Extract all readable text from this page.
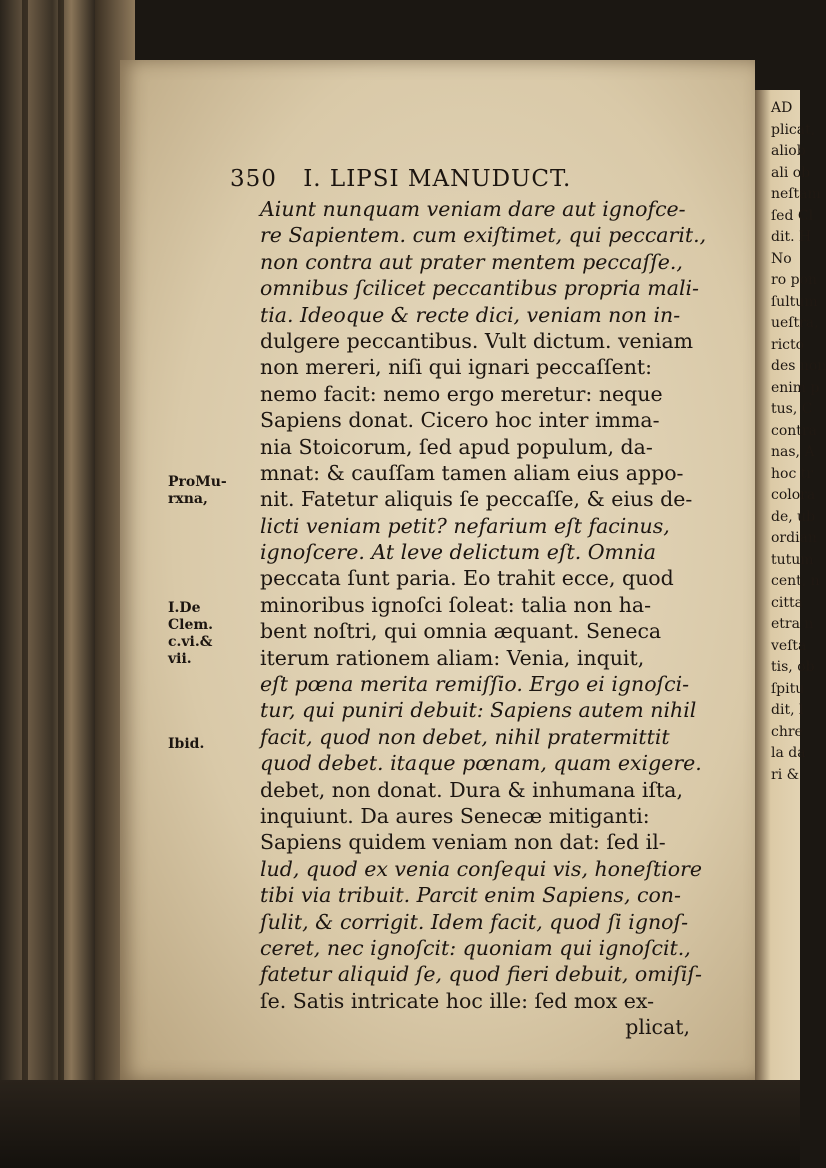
AD
plicat,
aliob
ali ob
neſtam
ſed Cl
dit. H
No
ro pon
ſultum
ueſtra,
ricto
des non
enim p
tus, C
contra
nas, A
hoc tr
colora
de, ub
ordian
tutum
cent, n
citta
etra n
veſta
tis, ob
ſpitu
dit, l
chre
la da
ri &
350 I. LIPSI MANUDUCT.
Aiunt nunquam veniam dare aut ignofce-
re Sapientem. cum exiſtimet, qui peccarit.,
non contra aut prater mentem peccaſſe.,
omnibus ſcilicet peccantibus propria mali-
tia. Ideoque & recte dici, veniam non in-
dulgere peccantibus. Vult dictum. veniam
non mereri, niſi qui ignari peccaſſent:
nemo facit: nemo ergo meretur: neque
Sapiens donat. Cicero hoc inter imma-
nia Stoicorum, ſed apud populum, da-
mnat: & cauſſam tamen aliam eius appo-
nit. Fatetur aliquis ſe peccaſſe, & eius de-
licti veniam petit? nefarium eſt facinus,
ignoſcere. At leve delictum eſt. Omnia
peccata ſunt paria. Eo trahit ecce, quod
minoribus ignoſci ſoleat: talia non ha-
bent noſtri, qui omnia æquant. Seneca
iterum rationem aliam: Venia, inquit,
eſt pœna merita remiſſio. Ergo ei ignoſci-
tur, qui puniri debuit: Sapiens autem nihil
facit, quod non debet, nihil pratermittit
quod debet. itaque pœnam, quam exigere.
debet, non donat. Dura & inhumana iſta,
inquiunt. Da aures Senecæ mitiganti:
Sapiens quidem veniam non dat: ſed il-
lud, quod ex venia conſequi vis, honeſtiore
tibi via tribuit. Parcit enim Sapiens, con-
ſulit, & corrigit. Idem facit, quod ſi ignoſ-
ceret, nec ignoſcit: quoniam qui ignoſcit.,
fatetur aliquid ſe, quod fieri debuit, omiſiſ-
ſe. Satis intricate hoc ille: ſed mox ex-
plicat,
ProMu-
rxna,
I.De
Clem.
c.vi.&
vii.
Ibid.
